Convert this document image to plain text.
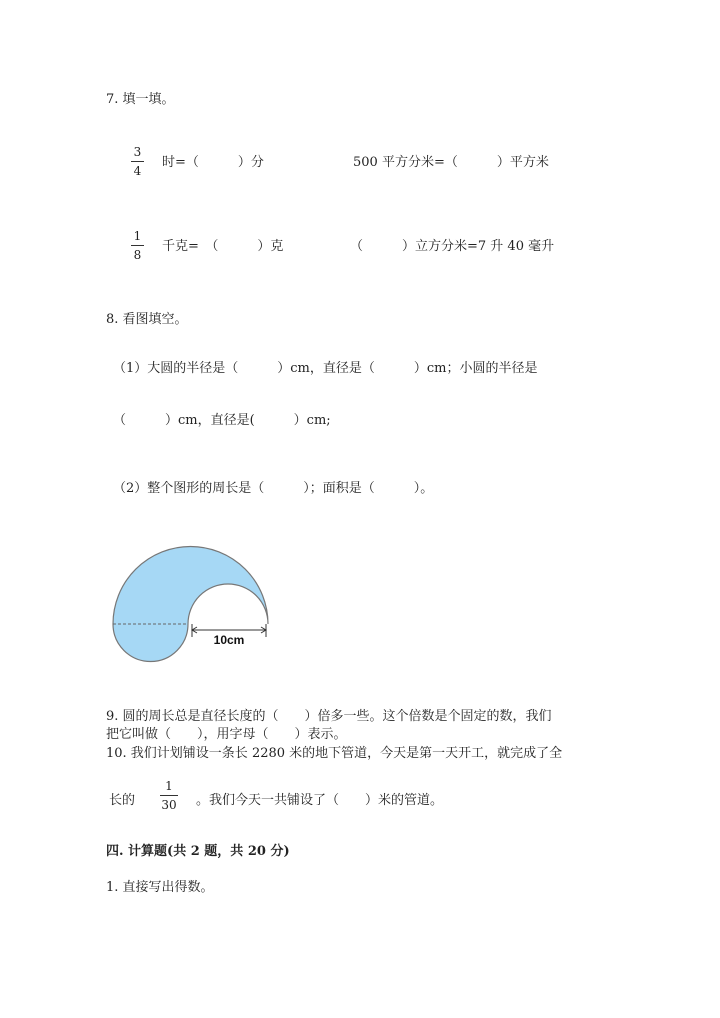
7. 填一填。
3
4
时=（　　　）分	500 平方分米=（　　　）平方米
1
8
千克=　（　　　）克	（　　　）立方分米=7 升 40 毫升
8. 看图填空。
（1）大圆的半径是（　　　）cm，直径是（　　　）cm；小圆的半径是
（　　　）cm，直径是(　　　）cm;
（2）整个图形的周长是（　　　）；面积是（　　　）。
10cm
9. 圆的周长总是直径长度的（　　）倍多一些。这个倍数是个固定的数，我们
把它叫做（　　），用字母（　　）表示。
10. 我们计划铺设一条长 2280 米的地下管道，今天是第一天开工，就完成了全
长的
1
30 。我们今天一共铺设了（　　）米的管道。
四. 计算题(共 2 题，共 20 分)
1. 直接写出得数。
